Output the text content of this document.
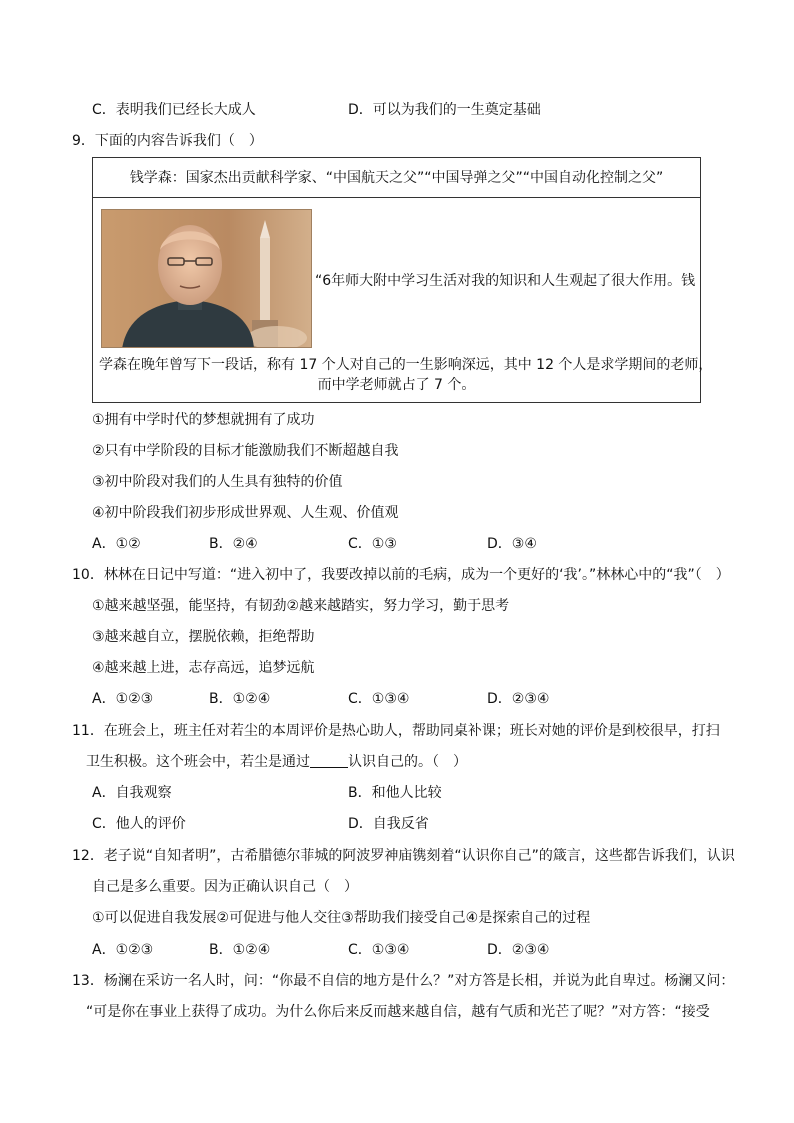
C．表明我们已经长大成人	D．可以为我们的一生奠定基础
9．下面的内容告诉我们（　）
钱学森：国家杰出贡献科学家、“中国航天之父”“中国导弹之父”“中国自动化控制之父”
“6年师大附中学习生活对我的知识和人生观起了很大作用。钱
学森在晚年曾写下一段话，称有 17 个人对自己的一生影响深远，其中 12 个人是求学期间的老师，
而中学老师就占了 7 个。
①拥有中学时代的梦想就拥有了成功
②只有中学阶段的目标才能激励我们不断超越自我
③初中阶段对我们的人生具有独特的价值
④初中阶段我们初步形成世界观、人生观、价值观
A．①②	B．②④	C．①③	D．③④
10．林林在日记中写道：“进入初中了，我要改掉以前的毛病，成为一个更好的‘我’。”林林心中的“我”（　）
①越来越坚强，能坚持，有韧劲②越来越踏实，努力学习，勤于思考
③越来越自立，摆脱依赖，拒绝帮助
④越来越上进，志存高远，追梦远航
A．①②③	B．①②④	C．①③④	D．②③④
11．在班会上，班主任对若尘的本周评价是热心助人，帮助同桌补课；班长对她的评价是到校很早，打扫
卫生积极。这个班会中，若尘是通过	认识自己的。（　）
A．自我观察	B．和他人比较
C．他人的评价	D．自我反省
12．老子说“自知者明”，古希腊德尔菲城的阿波罗神庙镌刻着“认识你自己”的箴言，这些都告诉我们，认识
自己是多么重要。因为正确认识自己（　）
①可以促进自我发展②可促进与他人交往③帮助我们接受自己④是探索自己的过程
A．①②③	B．①②④	C．①③④	D．②③④
13．杨澜在采访一名人时，问：“你最不自信的地方是什么？”对方答是长相，并说为此自卑过。杨澜又问：
“可是你在事业上获得了成功。为什么你后来反而越来越自信，越有气质和光芒了呢？”对方答：“接受
